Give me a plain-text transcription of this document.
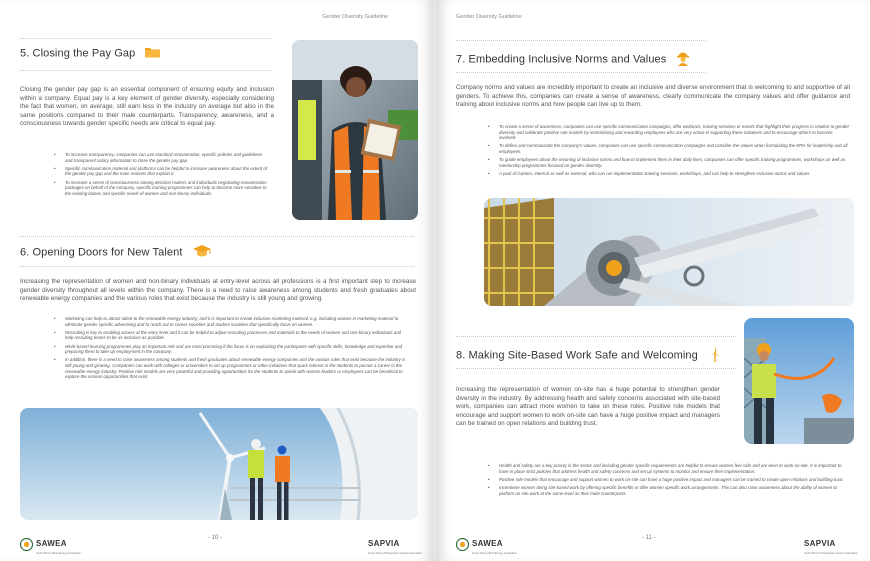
Gender Diversity Guideline
5. Closing the Pay Gap
Closing the gender pay gap is an essential component of ensuring equity and inclusion within a company. Equal pay is a key element of gender diversity, especially considering the fact that women, on average, still earn less in the industry on average but also in the same positions compared to their male counterparts. Transparency, awareness, and a consciousness towards gender specific needs are critical to equal pay.
• To increase transparency, companies can use standard remuneration, specific policies and guidelines and transparent salary information to close the gender pay gap.
• Specific communication material and platforms can be helpful to increase awareness about the extent of the gender pay gap and the main reasons that explain it.
• To increase a sense of consciousness among decision makers and individuals negotiating remuneration packages on behalf of the company, specific training programmes can help to become more sensitive to the existing biases and specific needs of women and non-binary individuals.
6. Opening Doors for New Talent
Increasing the representation of women and non-binary individuals at entry-level across all professions is a first important step to increase gender diversity throughout all levels within the company. There is a need to raise awareness among students and fresh graduates about renewable energy companies and the various roles that exist because the industry is still young and growing.
• Marketing can help to attract talent to the renewable energy industry, and it is important to create inclusive marketing material, e.g. including women in marketing material to eliminate gender specific advertising and to reach out to career societies and student societies that specifically focus on women.
• Recruiting is key to enabling access at the entry level and it can be helpful to adjust recruiting processes and materials to the needs of women and non-binary individuals and help recruiting teams to be as inclusive as possible.
• Work-based learning programmes play an important role and are most promising if the focus is on explaining the participants with specific skills, knowledge and expertise and preparing them to take up employment in the company.
• In addition, there is a need to raise awareness among students and fresh graduates about renewable energy companies and the various roles that exist because the industry is still young and growing. Companies can work with colleges or universities to set up programmes or other initiatives that spark interest in the students to pursue a career in the renewable energy industry. Positive role models are very powerful and providing opportunities for the students to speak with women leaders or employees can be beneficial to explore the various opportunities that exist.
SAWEA
South African Wind Energy Association
- 10 -
SAPVIA
South African Photovoltaic Industry Association
Gender Diversity Guideline
7. Embedding Inclusive Norms and Values
Company norms and values are incredibly important to create an inclusive and diverse environment that is welcoming to and supportive of all genders. To achieve this, companies can create a sense of awareness, clearly communicate the company values and offer guidance and training about inclusive norms and how people can live up to them.
• To create a sense of awareness, companies can use specific communication campaigns, offer webinars, training sessions or events that highlight their progress in relation to gender diversity and celebrate positive role models by incentivising and rewarding employees who are very active in supporting these initiatives and to encourage others to become involved.
• To define and communicate the company's values, companies can use specific communication campaigns and consider the values when formulating the KPIs for leadership and all employees.
• To guide employees about the meaning of inclusive norms and how to implement them in their daily lives, companies can offer specific training programmes, workshops as well as mentorship programmes focused on gender diversity.
• A pool of trainers, internal as well as external, who can run implementation training sessions, workshops, and can help to strengthen inclusive norms and values.
8. Making Site-Based Work Safe and Welcoming
Increasing the representation of women on-site has a huge potential to strengthen gender diversity in the industry. By addressing health and safety concerns associated with site-based work, companies can attract more women to take on these roles. Positive role models that encourage and support women to work on-site can have a huge positive impact and managers can be trained on open relations and building trust.
• Health and safety are a key priority in the sector and including gender specific requirements are helpful to ensure women feel safe and are keen to work on-site. It is important to have in place strict policies that address health and safety concerns and set up systems to monitor and ensure their implementation.
• Positive role models that encourage and support women to work on-site can have a huge positive impact and managers can be trained to create open relations and building trust.
• Incentivise women doing site-based work by offering specific benefits or offer women specific work arrangements. This can also raise awareness about the ability of women to perform on-site work at the same level as their male counterparts.
SAWEA
South African Wind Energy Association
- 11 -
SAPVIA
South African Photovoltaic Industry Association
